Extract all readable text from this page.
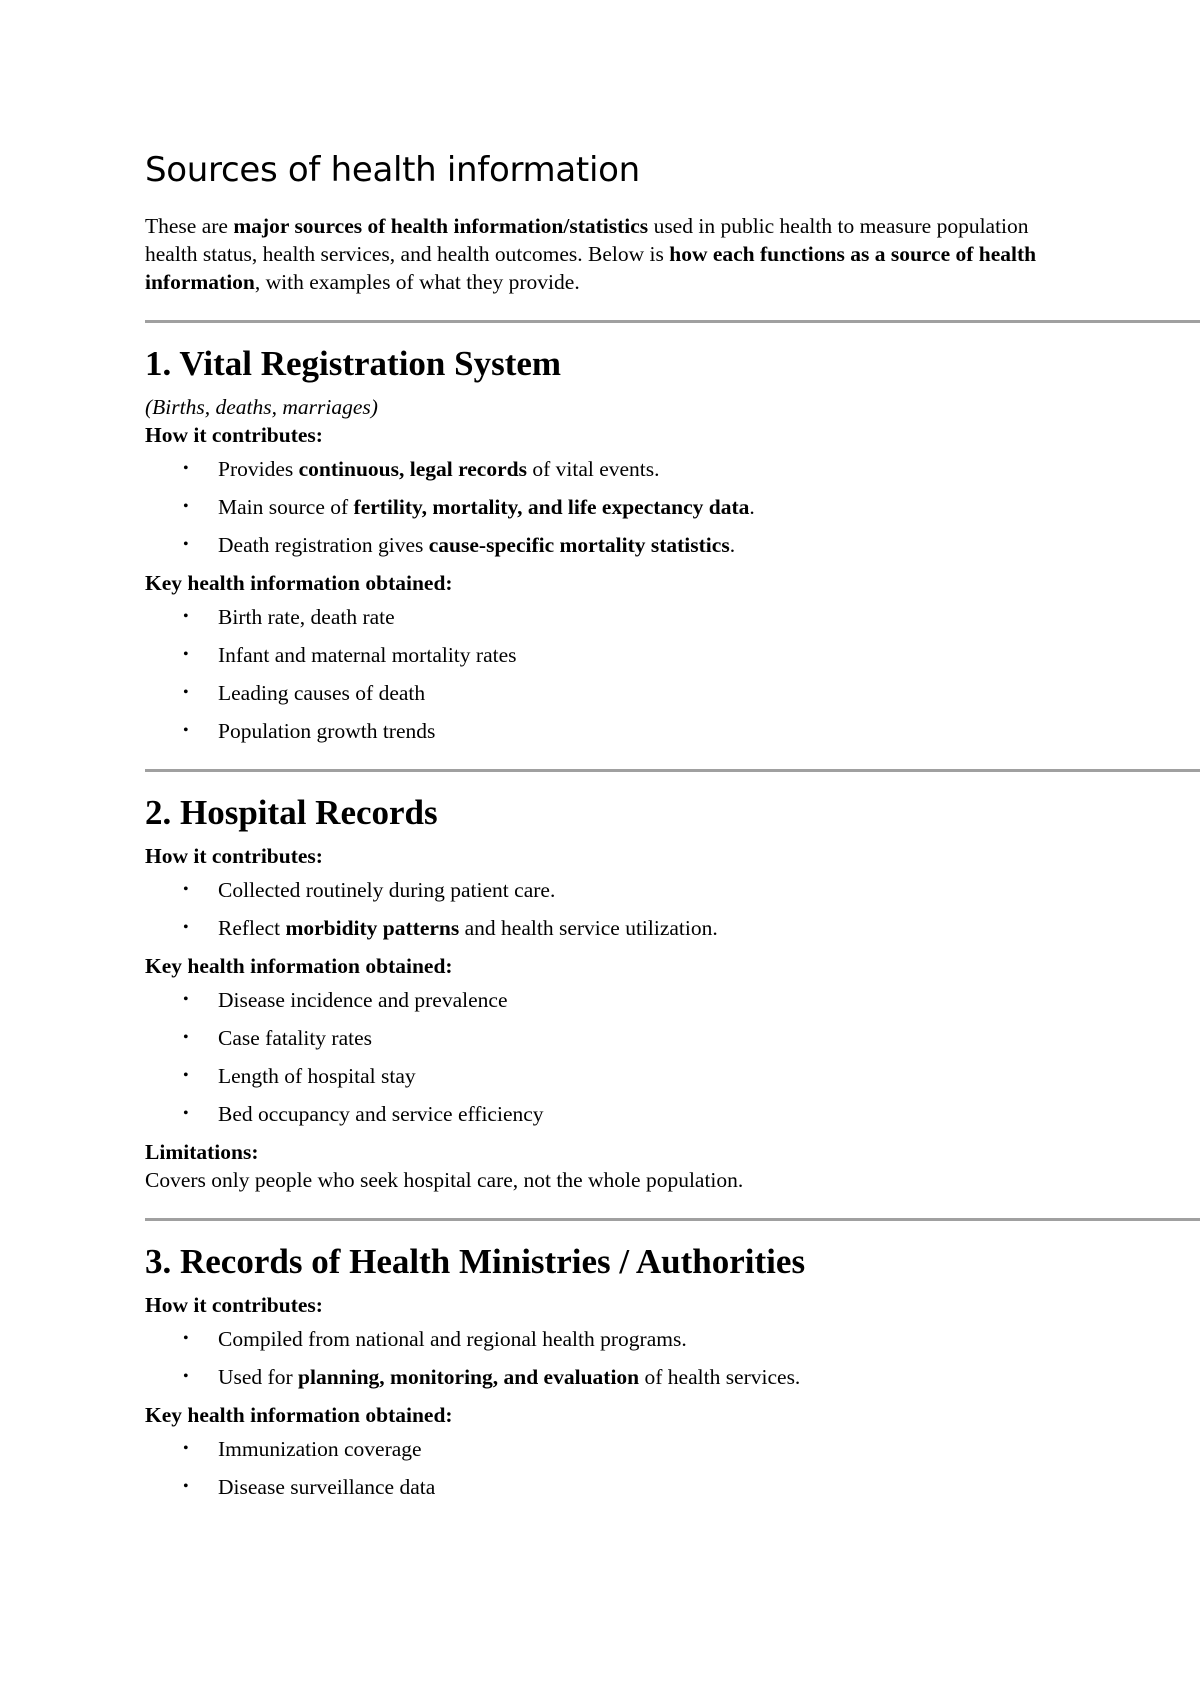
Sources of health information

These are major sources of health information/statistics used in public health to measure population health status, health services, and health outcomes. Below is how each functions as a source of health information, with examples of what they provide.

1. Vital Registration System

(Births, deaths, marriages)

How it contributes:

• Provides continuous, legal records of vital events.
• Main source of fertility, mortality, and life expectancy data.
• Death registration gives cause-specific mortality statistics.

Key health information obtained:

• Birth rate, death rate
• Infant and maternal mortality rates
• Leading causes of death
• Population growth trends
2. Hospital Records

How it contributes:

• Collected routinely during patient care.
• Reflect morbidity patterns and health service utilization.

Key health information obtained:

• Disease incidence and prevalence
• Case fatality rates
• Length of hospital stay
• Bed occupancy and service efficiency

Limitations:

Covers only people who seek hospital care, not the whole population.

3. Records of Health Ministries / Authorities

How it contributes:

• Compiled from national and regional health programs.
• Used for planning, monitoring, and evaluation of health services.

Key health information obtained:

• Immunization coverage
• Disease surveillance data
